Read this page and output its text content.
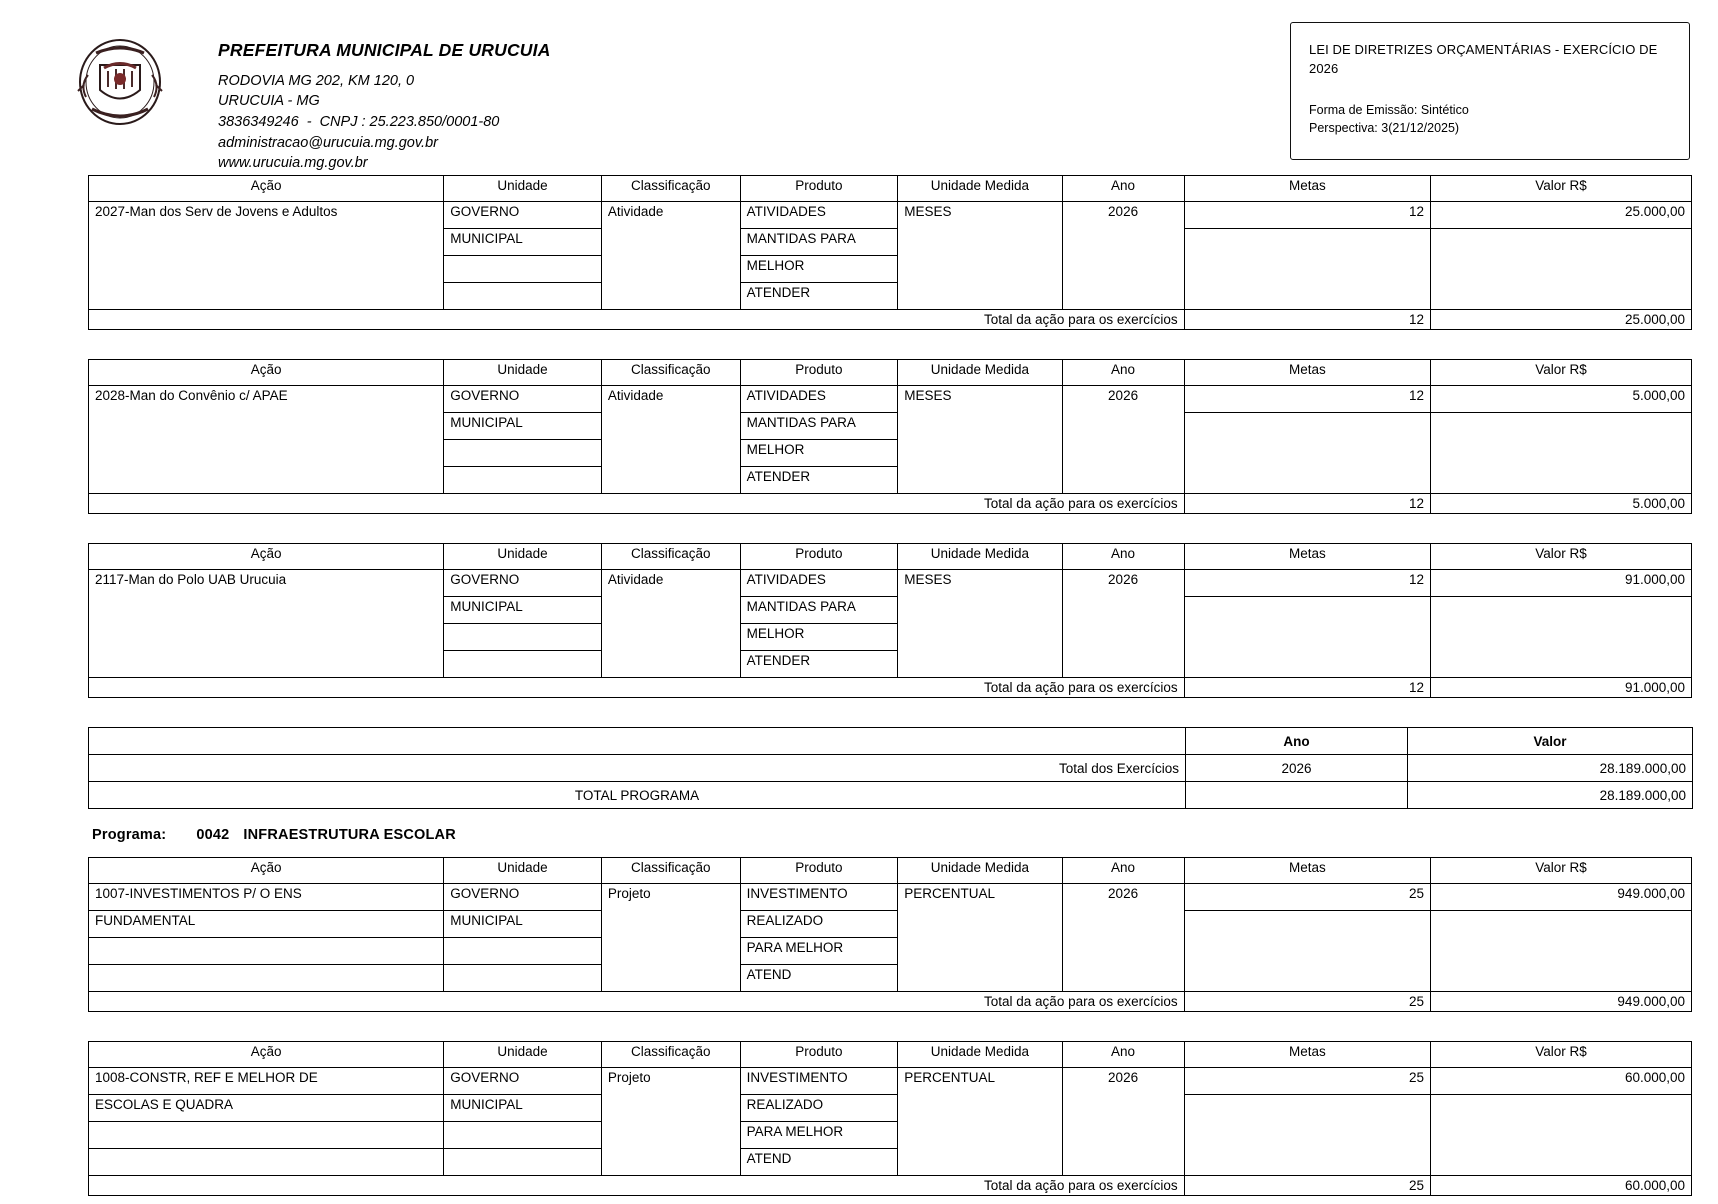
PREFEITURA MUNICIPAL DE URUCUIA
RODOVIA MG 202, KM 120, 0
URUCUIA - MG
3836349246  -  CNPJ : 25.223.850/0001-80
administracao@urucuia.mg.gov.br
www.urucuia.mg.gov.br
LEI DE DIRETRIZES ORÇAMENTÁRIAS - EXERCÍCIO DE 2026
Forma de Emissão: Sintético
Perspectiva: 3(21/12/2025)
Ação	Unidade	Classificação	Produto	Unidade Medida	Ano	Metas	Valor R$
2027-Man dos Serv de Jovens e Adultos	GOVERNO	Atividade	ATIVIDADES	MESES	2026	12	25.000,00
	MUNICIPAL		MANTIDAS PARA				
			MELHOR				
			ATENDER				
Total da ação para os exercícios						12	25.000,00
Ação	Unidade	Classificação	Produto	Unidade Medida	Ano	Metas	Valor R$
2028-Man do Convênio c/ APAE	GOVERNO	Atividade	ATIVIDADES	MESES	2026	12	5.000,00
	MUNICIPAL		MANTIDAS PARA				
			MELHOR				
			ATENDER				
Total da ação para os exercícios						12	5.000,00
Ação	Unidade	Classificação	Produto	Unidade Medida	Ano	Metas	Valor R$
2117-Man do Polo UAB Urucuia	GOVERNO	Atividade	ATIVIDADES	MESES	2026	12	91.000,00
	MUNICIPAL		MANTIDAS PARA				
			MELHOR				
			ATENDER				
Total da ação para os exercícios						12	91.000,00
	Ano	Valor
Total dos Exercícios	2026	28.189.000,00
TOTAL PROGRAMA		28.189.000,00
Programa: 0042 INFRAESTRUTURA ESCOLAR
Ação	Unidade	Classificação	Produto	Unidade Medida	Ano	Metas	Valor R$
1007-INVESTIMENTOS P/ O ENS	GOVERNO	Projeto	INVESTIMENTO	PERCENTUAL	2026	25	949.000,00
FUNDAMENTAL	MUNICIPAL		REALIZADO				
			PARA MELHOR				
			ATEND				
Total da ação para os exercícios						25	949.000,00
Ação	Unidade	Classificação	Produto	Unidade Medida	Ano	Metas	Valor R$
1008-CONSTR, REF E MELHOR DE	GOVERNO	Projeto	INVESTIMENTO	PERCENTUAL	2026	25	60.000,00
ESCOLAS E QUADRA	MUNICIPAL		REALIZADO				
			PARA MELHOR				
			ATEND				
Total da ação para os exercícios						25	60.000,00
